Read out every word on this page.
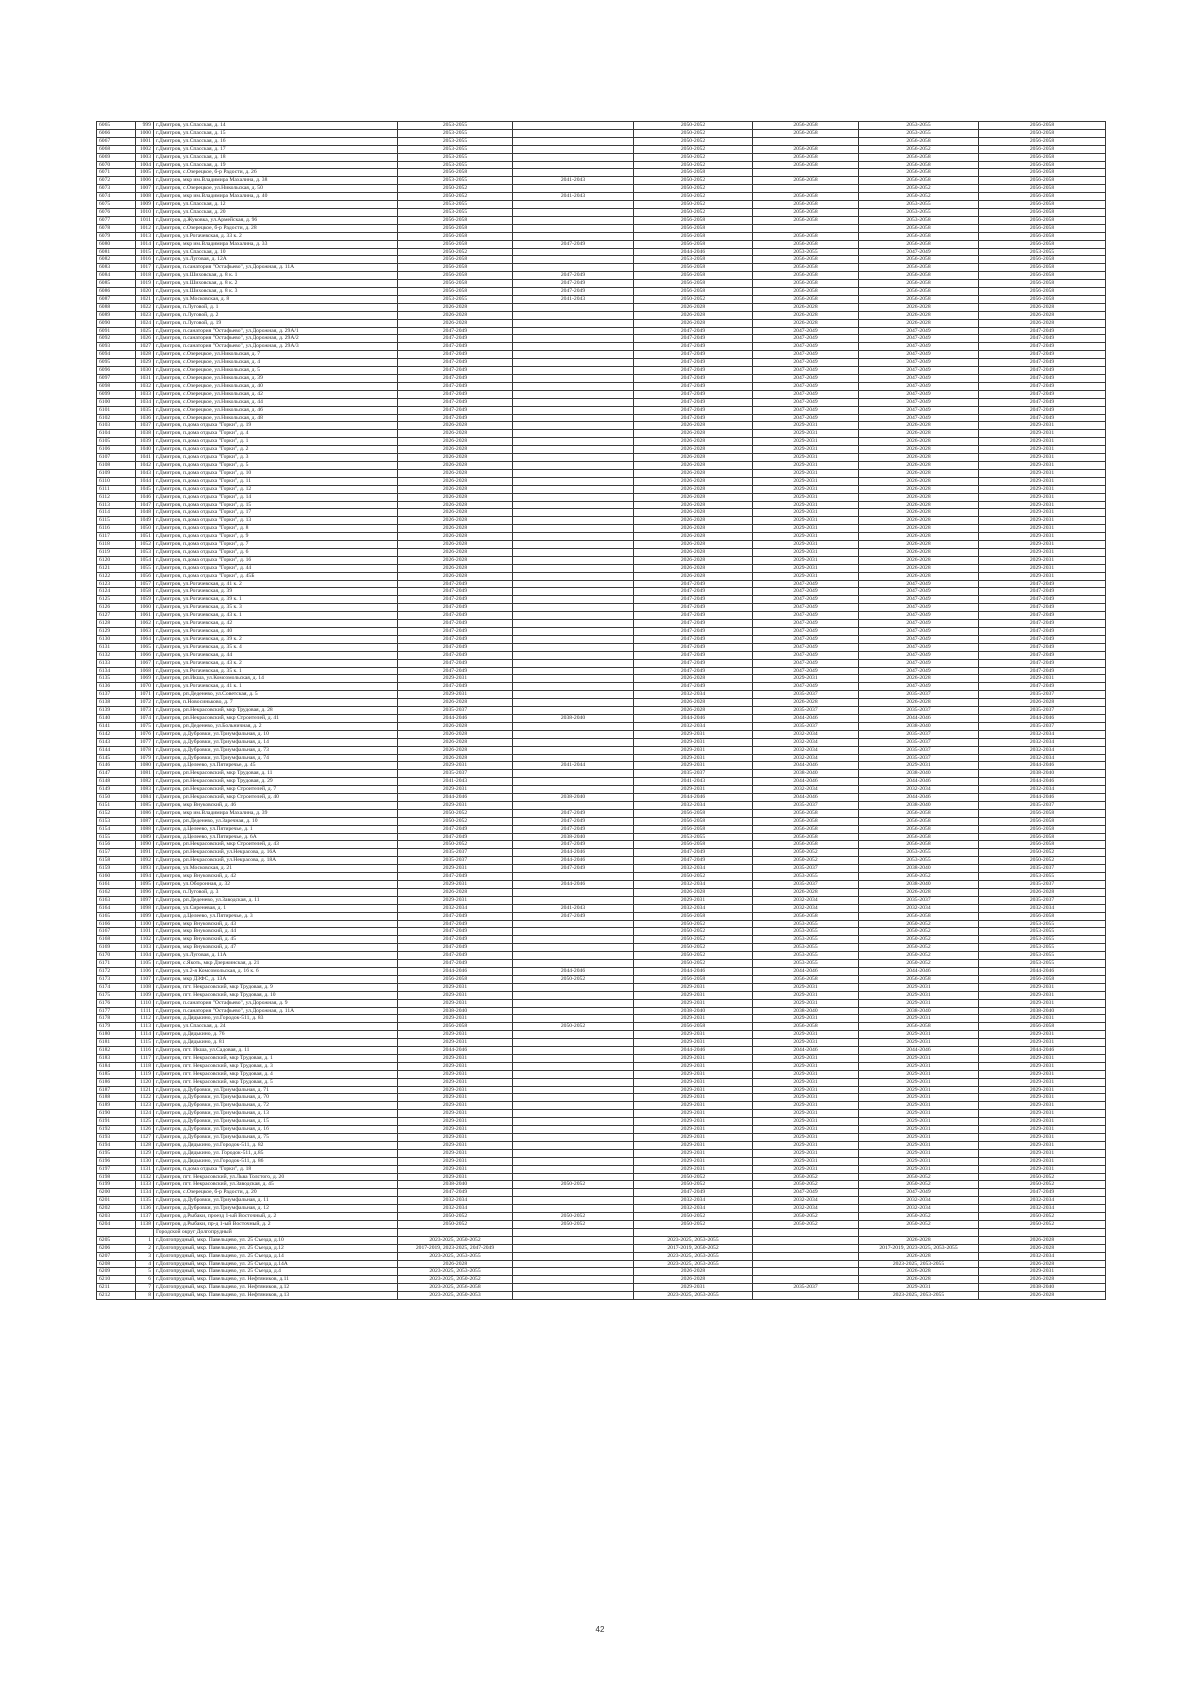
6065	999	г.Дмитров, ул.Спасская, д. 14	2053-2055		2050-2052	2056-2058	2053-2055	2056-2058
6066	1000	г.Дмитров, ул.Спасская, д. 15	2053-2055		2050-2052	2056-2058	2053-2055	2050-2058
6067	1001	г.Дмитров, ул.Спасская, д. 16	2053-2055		2050-2052		2056-2058	2056-2058
6068	1002	г.Дмитров, ул.Спасская, д. 17	2053-2055		2050-2052	2056-2058	2056-2052	2056-2058
6069	1003	г.Дмитров, ул.Спасская, д. 18	2053-2055		2050-2052	2056-2058	2056-2058	2056-2058
6070	1004	г.Дмитров, ул.Спасская, д. 19	2053-2055		2050-2052	2056-2058	2056-2058	2056-2058
6071	1005	г.Дмитров, с.Озерецкое, б-р Радости, д. 26	2056-2058		2056-2058		2056-2058	2056-2058
6072	1006	г.Дмитров, мкр им.Владимира Махалина, д. 38	2053-2055	2041-2043	2050-2052	2056-2058	2056-2058	2056-2058
6073	1007	г.Дмитров, с.Озерецкое, ул.Никольская, д. 50	2050-2052		2050-2052		2050-2052	2056-2058
6074	1008	г.Дмитров, мкр им.Владимира Махалина, д. 40	2050-2052	2041-2043	2050-2052	2056-2058	2050-2052	2056-2058
6075	1009	г.Дмитров, ул.Спасская, д. 12	2053-2055		2050-2052	2056-2058	2053-2055	2056-2058
6076	1010	г.Дмитров, ул.Спасская, д. 20	2053-2055		2050-2052	2056-2058	2053-2055	2056-2058
6077	1011	г.Дмитров, д.Жуковка, ул.Армейская, д. 96	2056-2058		2056-2058	2056-2058	2053-2058	2056-2058
6078	1012	г.Дмитров, с.Озерецкое, б-р Радости, д. 28	2056-2058		2056-2058		2056-2058	2056-2058
6079	1013	г.Дмитров, ул.Рогачевская, д. 33 к. 2	2056-2058		2056-2058	2056-2058	2056-2058	2056-2058
6080	1014	г.Дмитров, мкр им.Владимира Махалина, д. 33	2056-2058	2047-2049	2056-2058	2056-2058	2056-2058	2056-2058
6081	1015	г.Дмитров, ул.Спасская, д. 10	2050-2052		2044-2046	2053-2055	2047-2049	2053-2055
6082	1016	г.Дмитров, ул.Луговая, д. 12А	2056-2058		2053-2058	2056-2058	2056-2058	2056-2058
6083	1017	г.Дмитров, п.санатория "Остафьево", ул.Дорожная, д. 11А	2056-2058		2056-2058	2056-2058	2056-2058	2056-2058
6084	1018	г.Дмитров, ул.Шиховская, д. 8 к. 1	2056-2058	2047-2049	2056-2058	2056-2058	2056-2058	2056-2058
6085	1019	г.Дмитров, ул.Шиховская, д. 8 к. 2	2056-2058	2047-2049	2056-2058	2056-2058	2056-2058	2056-2058
6086	1020	г.Дмитров, ул.Шиховская, д. 8 к. 3	2056-2058	2047-2049	2056-2058	2056-2058	2056-2058	2056-2058
6087	1021	г.Дмитров, ул.Московская, д. 8	2053-2055	2041-2043	2050-2052	2056-2058	2056-2058	2056-2058
6088	1022	г.Дмитров, п.Луговой, д. 1	2026-2028		2026-2028	2026-2028	2026-2028	2026-2028
6089	1023	г.Дмитров, п.Луговой, д. 2	2026-2028		2026-2028	2026-2028	2026-2028	2026-2028
6090	1024	г.Дмитров, п.Луговой, д. 19	2026-2028		2026-2028	2026-2028	2026-2028	2026-2028
6091	1025	г.Дмитров, п.санатория "Остафьево", ул.Дорожная, д. 29А/1	2047-2049		2047-2049	2047-2049	2047-2049	2047-2049
6092	1026	г.Дмитров, п.санатория "Остафьево", ул.Дорожная, д. 29А/2	2047-2049		2047-2049	2047-2049	2047-2049	2047-2049
6093	1027	г.Дмитров, п.санатория "Остафьево", ул.Дорожная, д. 29А/3	2047-2049		2047-2049	2047-2049	2047-2049	2047-2049
6094	1028	г.Дмитров, с.Озерецкое, ул.Никольская, д. 7	2047-2049		2047-2049	2047-2049	2047-2049	2047-2049
6095	1029	г.Дмитров, с.Озерецкое, ул.Никольская, д. 4	2047-2049		2047-2049	2047-2049	2047-2049	2047-2049
6096	1030	г.Дмитров, с.Озерецкое, ул.Никольская, д. 5	2047-2049		2047-2049	2047-2049	2047-2049	2047-2049
6097	1031	г.Дмитров, с.Озерецкое, ул.Никольская, д. 39	2047-2049		2047-2049	2047-2049	2047-2049	2047-2049
6098	1032	г.Дмитров, с.Озерецкое, ул.Никольская, д. 40	2047-2049		2047-2049	2047-2049	2047-2049	2047-2049
6099	1033	г.Дмитров, с.Озерецкое, ул.Никольская, д. 42	2047-2049		2047-2049	2047-2049	2047-2049	2047-2049
6100	1034	г.Дмитров, с.Озерецкое, ул.Никольская, д. 44	2047-2049		2047-2049	2047-2049	2047-2049	2047-2049
6101	1035	г.Дмитров, с.Озерецкое, ул.Никольская, д. 46	2047-2049		2047-2049	2047-2049	2047-2049	2047-2049
6102	1036	г.Дмитров, с.Озерецкое, ул.Никольская, д. 48	2047-2049		2047-2049	2047-2049	2047-2049	2047-2049
6103	1037	г.Дмитров, п.дома отдыха "Горки", д. 19	2026-2028		2026-2028	2029-2031	2026-2028	2029-2031
6104	1038	г.Дмитров, п.дома отдыха "Горки", д. 4	2026-2028		2026-2028	2029-2031	2026-2028	2029-2031
6105	1039	г.Дмитров, п.дома отдыха "Горки", д. 1	2026-2028		2026-2028	2029-2031	2026-2028	2029-2031
6106	1040	г.Дмитров, п.дома отдыха "Горки", д. 2	2026-2028		2026-2028	2029-2031	2026-2028	2029-2031
6107	1041	г.Дмитров, п.дома отдыха "Горки", д. 3	2026-2028		2026-2028	2029-2031	2026-2028	2029-2031
6108	1042	г.Дмитров, п.дома отдыха "Горки", д. 5	2026-2028		2026-2028	2029-2031	2026-2028	2029-2031
6109	1043	г.Дмитров, п.дома отдыха "Горки", д. 10	2026-2028		2026-2028	2029-2031	2026-2028	2029-2031
6110	1044	г.Дмитров, п.дома отдыха "Горки", д. 11	2026-2028		2026-2028	2029-2031	2026-2028	2029-2031
6111	1045	г.Дмитров, п.дома отдыха "Горки", д. 12	2026-2028		2026-2028	2029-2031	2026-2028	2029-2031
6112	1046	г.Дмитров, п.дома отдыха "Горки", д. 14	2026-2028		2026-2028	2029-2031	2026-2028	2029-2031
6113	1047	г.Дмитров, п.дома отдыха "Горки", д. 15	2026-2028		2026-2028	2029-2031	2026-2028	2029-2031
6114	1048	г.Дмитров, п.дома отдыха "Горки", д. 17	2026-2028		2026-2028	2029-2031	2026-2028	2029-2031
6115	1049	г.Дмитров, п.дома отдыха "Горки", д. 13	2026-2028		2026-2028	2029-2031	2026-2028	2029-2031
6116	1050	г.Дмитров, п.дома отдыха "Горки", д. 8	2026-2028		2026-2028	2029-2031	2026-2028	2029-2031
6117	1051	г.Дмитров, п.дома отдыха "Горки", д. 9	2026-2028		2026-2028	2029-2031	2026-2028	2029-2031
6118	1052	г.Дмитров, п.дома отдыха "Горки", д. 7	2026-2028		2026-2028	2029-2031	2026-2028	2029-2031
6119	1053	г.Дмитров, п.дома отдыха "Горки", д. 6	2026-2028		2026-2028	2029-2031	2026-2028	2029-2031
6120	1054	г.Дмитров, п.дома отдыха "Горки", д. 16	2026-2028		2026-2028	2029-2031	2026-2028	2029-2031
6121	1055	г.Дмитров, п.дома отдыха "Горки", д. 44	2026-2028		2026-2028	2029-2031	2026-2028	2029-2031
6122	1056	г.Дмитров, п.дома отдыха "Горки", д. 45Б	2026-2028		2026-2028	2029-2031	2026-2028	2029-2031
6123	1057	г.Дмитров, ул.Рогачевская, д. 41 к. 2	2047-2049		2047-2049	2047-2049	2047-2049	2047-2049
6124	1058	г.Дмитров, ул.Рогачевская, д. 39	2047-2049		2047-2049	2047-2049	2047-2049	2047-2049
6125	1059	г.Дмитров, ул.Рогачевская, д. 39 к. 1	2047-2049		2047-2049	2047-2049	2047-2049	2047-2049
6126	1060	г.Дмитров, ул.Рогачевская, д. 35 к. 3	2047-2049		2047-2049	2047-2049	2047-2049	2047-2049
6127	1061	г.Дмитров, ул.Рогачевская, д. 43 к. 1	2047-2049		2047-2049	2047-2049	2047-2049	2047-2049
6128	1062	г.Дмитров, ул.Рогачевская, д. 42	2047-2049		2047-2049	2047-2049	2047-2049	2047-2049
6129	1063	г.Дмитров, ул.Рогачевская, д. 40	2047-2049		2047-2049	2047-2049	2047-2049	2047-2049
6130	1064	г.Дмитров, ул.Рогачевская, д. 39 к. 2	2047-2049		2047-2049	2047-2049	2047-2049	2047-2049
6131	1065	г.Дмитров, ул.Рогачевская, д. 35 к. 4	2047-2049		2047-2049	2047-2049	2047-2049	2047-2049
6132	1066	г.Дмитров, ул.Рогачевская, д. 44	2047-2049		2047-2049	2047-2049	2047-2049	2047-2049
6133	1067	г.Дмитров, ул.Рогачевская, д. 43 к. 2	2047-2049		2047-2049	2047-2049	2047-2049	2047-2049
6134	1068	г.Дмитров, ул.Рогачевская, д. 35 к. 1	2047-2049		2047-2049	2047-2049	2047-2049	2047-2049
6135	1069	г.Дмитров, рп.Икша, ул.Комсомольская, д. 14	2029-2031		2026-2028	2029-2031	2026-2028	2029-2031
6136	1070	г.Дмитров, ул.Рогачевская, д. 41 к. 1	2047-2049		2047-2049	2047-2049	2047-2049	2047-2049
6137	1071	г.Дмитров, рп.Деденево, ул.Советская, д. 5	2029-2031		2032-2034	2035-2037	2035-2037	2035-2037
6138	1072	г.Дмитров, п.Новосиньково, д. 7	2026-2028		2026-2028	2026-2028	2026-2028	2026-2028
6139	1073	г.Дмитров, рп.Некрасовский, мкр Трудовая, д. 28	2035-2037		2026-2028	2035-2037	2035-2037	2035-2037
6140	1074	г.Дмитров, рп.Некрасовский, мкр Строителей, д. 41	2044-2046	2038-2040	2044-2046	2044-2046	2044-2046	2044-2046
6141	1075	г.Дмитров, рп.Деденево, ул.Больничная, д. 2	2026-2028		2032-2034	2035-2037	2038-2040	2035-2037
6142	1076	г.Дмитров, д.Дубровки, ул.Триумфальная, д. 10	2026-2028		2029-2031	2032-2034	2035-2037	2032-2034
6143	1077	г.Дмитров, д.Дубровки, ул.Триумфальная, д. 14	2026-2028		2029-2031	2032-2034	2035-2037	2032-2034
6144	1078	г.Дмитров, д.Дубровки, ул.Триумфальная, д. 73	2026-2028		2029-2031	2032-2034	2035-2037	2032-2034
6145	1079	г.Дмитров, д.Дубровки, ул.Триумфальная, д. 74	2026-2028		2029-2031	2032-2034	2035-2037	2032-2034
6146	1080	г.Дмитров, д.Целеево, ул.Пятиречье, д. 45	2029-2031	2041-2044	2029-2031	2044-2046	2029-2031	2044-2046
6147	1081	г.Дмитров, рп.Некрасовский, мкр Трудовая, д. 11	2035-2037		2035-2037	2038-2040	2038-2040	2038-2040
6148	1082	г.Дмитров, рп.Некрасовский, мкр Трудовая, д. 29	2041-2043		2041-2043	2044-2046	2044-2046	2044-2046
6149	1083	г.Дмитров, рп.Некрасовский, мкр Строителей, д. 7	2029-2031		2029-2031	2032-2034	2032-2034	2032-2034
6150	1084	г.Дмитров, рп.Некрасовский, мкр Строителей, д. 40	2044-2046	2038-2040	2044-2046	2044-2046	2044-2046	2044-2046
6151	1085	г.Дмитров, мкр Внуковский, д. 46	2029-2031		2032-2034	2035-2037	2038-2040	2035-2037
6152	1086	г.Дмитров, мкр им.Владимира Махалина, д. 39	2050-2052	2047-2049	2056-2058	2056-2058	2056-2058	2056-2058
6153	1087	г.Дмитров, рп.Деденево, ул.Заречная, д. 10	2050-2052	2047-2049	2056-2058	2056-2058	2056-2058	2056-2058
6154	1088	г.Дмитров, д.Целеево, ул.Пятиречье, д. 1	2047-2049	2047-2049	2056-2058	2056-2058	2056-2058	2056-2058
6155	1089	г.Дмитров, д.Целеево, ул.Пятиречье, д. 6А	2047-2049	2038-2040	2053-2055	2056-2058	2056-2058	2056-2058
6156	1090	г.Дмитров, рп.Некрасовский, мкр Строителей, д. 43	2050-2052	2047-2049	2056-2058	2056-2058	2056-2058	2056-2058
6157	1091	г.Дмитров, рп.Некрасовский, ул.Некрасова, д. 16А	2035-2037	2044-2046	2047-2049	2050-2052	2053-2055	2050-2052
6158	1092	г.Дмитров, рп.Некрасовский, ул.Некрасова, д. 18А	2035-2037	2044-2046	2047-2049	2050-2052	2053-2055	2050-2052
6159	1093	г.Дмитров, ул.Московская, д. 21	2029-2031	2047-2049	2032-2034	2035-2037	2038-2040	2035-2037
6160	1094	г.Дмитров, мкр Внуковский, д. 42	2047-2049		2050-2052	2053-2055	2050-2052	2053-2055
6161	1095	г.Дмитров, ул.Оборонная, д. 32	2029-2031	2044-2046	2032-2034	2035-2037	2038-2040	2035-2037
6162	1096	г.Дмитров, п.Луговой, д. 3	2026-2028		2026-2028	2026-2028	2026-2028	2026-2028
6163	1097	г.Дмитров, рп.Деденево, ул.Заводская, д. 11	2029-2031		2029-2031	2032-2034	2035-2037	2035-2037
6164	1098	г.Дмитров, ул.Сиреневая, д. 1	2032-2034	2041-2043	2032-2034	2032-2034	2032-2034	2032-2034
6165	1099	г.Дмитров, д.Целеево, ул.Пятиречье, д. 3	2047-2049	2047-2049	2056-2058	2056-2058	2056-2058	2056-2058
6166	1100	г.Дмитров, мкр Внуковский, д. 43	2047-2049		2050-2052	2053-2055	2050-2052	2053-2055
6167	1101	г.Дмитров, мкр Внуковский, д. 44	2047-2049		2050-2052	2053-2055	2050-2052	2053-2055
6168	1102	г.Дмитров, мкр Внуковский, д. 45	2047-2049		2050-2052	2053-2055	2050-2052	2053-2055
6169	1103	г.Дмитров, мкр Внуковский, д. 47	2047-2049		2050-2052	2053-2055	2050-2052	2053-2055
6170	1104	г.Дмитров, ул.Луговая, д. 11А	2047-2049		2050-2052	2053-2055	2050-2052	2053-2055
6171	1105	г.Дмитров, с.Якоть, мкр Дзержинская, д. 21	2047-2049		2050-2052	2053-2055	2050-2052	2053-2055
6172	1106	г.Дмитров, ул.2-я Комсомольская, д. 16 к. 6	2044-2046	2044-2046	2044-2046	2044-2046	2044-2046	2044-2046
6173	1107	г.Дмитров, мкр ДЗФС, д. 13А	2056-2058	2050-2052	2056-2058	2056-2058	2056-2058	2056-2058
6174	1108	г.Дмитров, пгт. Некрасовский, мкр Трудовая, д. 9	2029-2031		2029-2031	2029-2031	2029-2031	2029-2031
6175	1109	г.Дмитров, пгт. Некрасовский, мкр Трудовая, д. 10	2029-2031		2029-2031	2029-2031	2029-2031	2029-2031
6176	1110	г.Дмитров, п.санатория "Остафьево", ул.Дорожная, д. 9	2029-2031		2029-2031	2029-2031	2029-2031	2029-2031
6177	1111	г.Дмитров, п.санатория "Остафьево", ул.Дорожная, д. 11А	2038-2040		2038-2040	2038-2040	2038-2040	2038-2040
6178	1112	г.Дмитров, д.Дядькино, ул.Городок-511, д. 83	2029-2031		2029-2031	2029-2031	2029-2031	2029-2031
6179	1113	г.Дмитров, ул.Спасская, д. 24	2056-2058	2050-2052	2056-2058	2056-2058	2056-2058	2056-2058
6180	1114	г.Дмитров, д.Дядькино, д. 76	2029-2031		2029-2031	2029-2031	2029-2031	2029-2031
6181	1115	г.Дмитров, д.Дядькино, д. 81	2029-2031		2029-2031	2029-2031	2029-2031	2029-2031
6182	1116	г.Дмитров, пгт. Икша, ул.Садовая, д. 11	2044-2046		2044-2046	2044-2046	2044-2046	2044-2046
6183	1117	г.Дмитров, пгт. Некрасовский, мкр Трудовая, д. 1	2029-2031		2029-2031	2029-2031	2029-2031	2029-2031
6184	1118	г.Дмитров, пгт. Некрасовский, мкр Трудовая, д. 3	2029-2031		2029-2031	2029-2031	2029-2031	2029-2031
6185	1119	г.Дмитров, пгт. Некрасовский, мкр Трудовая, д. 4	2029-2031		2029-2031	2029-2031	2029-2031	2029-2031
6186	1120	г.Дмитров, пгт. Некрасовский, мкр Трудовая, д. 5	2029-2031		2029-2031	2029-2031	2029-2031	2029-2031
6187	1121	г.Дмитров, д.Дубровки, ул.Триумфальная, д. 71	2029-2031		2029-2031	2029-2031	2029-2031	2029-2031
6188	1122	г.Дмитров, д.Дубровки, ул.Триумфальная, д. 70	2029-2031		2029-2031	2029-2031	2029-2031	2029-2031
6189	1123	г.Дмитров, д.Дубровки, ул.Триумфальная, д. 72	2029-2031		2029-2031	2029-2031	2029-2031	2029-2031
6190	1124	г.Дмитров, д.Дубровки, ул.Триумфальная, д. 13	2029-2031		2029-2031	2029-2031	2029-2031	2029-2031
6191	1125	г.Дмитров, д.Дубровки, ул.Триумфальная, д. 15	2029-2031		2029-2031	2029-2031	2029-2031	2029-2031
6192	1126	г.Дмитров, д.Дубровки, ул.Триумфальная, д. 16	2029-2031		2029-2031	2029-2031	2029-2031	2029-2031
6193	1127	г.Дмитров, д.Дубровки, ул.Триумфальная, д. 75	2029-2031		2029-2031	2029-2031	2029-2031	2029-2031
6194	1128	г.Дмитров, д.Дядькино, ул.Городок-511, д. 82	2029-2031		2029-2031	2029-2031	2029-2031	2029-2031
6195	1129	г.Дмитров, д.Дядькино, ул. Городок-511, д.85	2029-2031		2029-2031	2029-2031	2029-2031	2029-2031
6196	1130	г.Дмитров, д.Дядькино, ул.Городок-511, д. 86	2029-2031		2029-2031	2029-2031	2029-2031	2029-2031
6197	1131	г.Дмитров, п.дома отдыха "Горки", д. 18	2029-2031		2029-2031	2029-2031	2029-2031	2029-2031
6198	1132	г.Дмитров, пгт. Некрасовский, ул.Льва Толстого, д. 20	2029-2031		2050-2052	2050-2052	2050-2052	2050-2052
6199	1133	г.Дмитров, пгт. Некрасовский, ул.Заводская, д. 45	2038-2040	2050-2052	2050-2052	2050-2052	2050-2052	2050-2052
6200	1134	г.Дмитров, с.Озерецкое, б-р Радости, д. 20	2047-2049		2047-2049	2047-2049	2047-2049	2047-2049
6201	1135	г.Дмитров, д.Дубровки, ул.Триумфальная, д. 11	2032-2034		2032-2034	2032-2034	2032-2034	2032-2034
6202	1136	г.Дмитров, д.Дубровки, ул.Триумфальная, д. 12	2032-2034		2032-2034	2032-2034	2032-2034	2032-2034
6203	1137	г.Дмитров, д.Рыбаки, проезд 1-ый Восточный, д. 2	2050-2052	2050-2052	2050-2052	2050-2052	2050-2052	2050-2052
6204	1138	г.Дмитров, д.Рыбаки, пр-д 1-ый Восточный, д. 2	2050-2052	2050-2052	2050-2052	2050-2052	2050-2052	2050-2052
		Городской округ Долгопрудный						
6205	1	г.Долгопрудный, мкр. Павельцево, ул. 25 Съезда, д.10	2023-2025, 2050-2052		2023-2025, 2053-2055		2026-2028	2026-2028
6206	2	г.Долгопрудный, мкр. Павельцево, ул. 25 Съезда, д.12	2017-2019, 2023-2025, 2047-2049		2017-2019, 2050-2052		2017-2019, 2023-2025, 2053-2055	2026-2028
6207	3	г.Долгопрудный, мкр. Павельцево, ул. 25 Съезда, д.14	2023-2025, 2053-2055		2023-2025, 2053-2055		2026-2028	2032-2034
6208	4	г.Долгопрудный, мкр. Павельцево, ул. 25 Съезда, д.14А	2026-2028		2023-2025, 2053-2055		2023-2025, 2053-2055	2026-2028
6209	5	г.Долгопрудный, мкр. Павельцево, ул. 25 Съезда, д.4	2023-2025, 2053-2055		2026-2028		2026-2028	2029-2031
6210	6	г.Долгопрудный, мкр. Павельцево, ул. Нефтяников, д.11	2023-2025, 2050-2052		2026-2028		2026-2028	2026-2028
6211	7	г.Долгопрудный, мкр. Павельцево, ул. Нефтяников, д.12	2023-2025, 2056-2058		2029-2031	2035-2037	2029-2031	2038-2040
6212	8	г.Долгопрудный, мкр. Павельцево, ул. Нефтяников, д.13	2023-2025, 2050-2053		2023-2025, 2053-2055		2023-2025, 2053-2055	2026-2028
42
